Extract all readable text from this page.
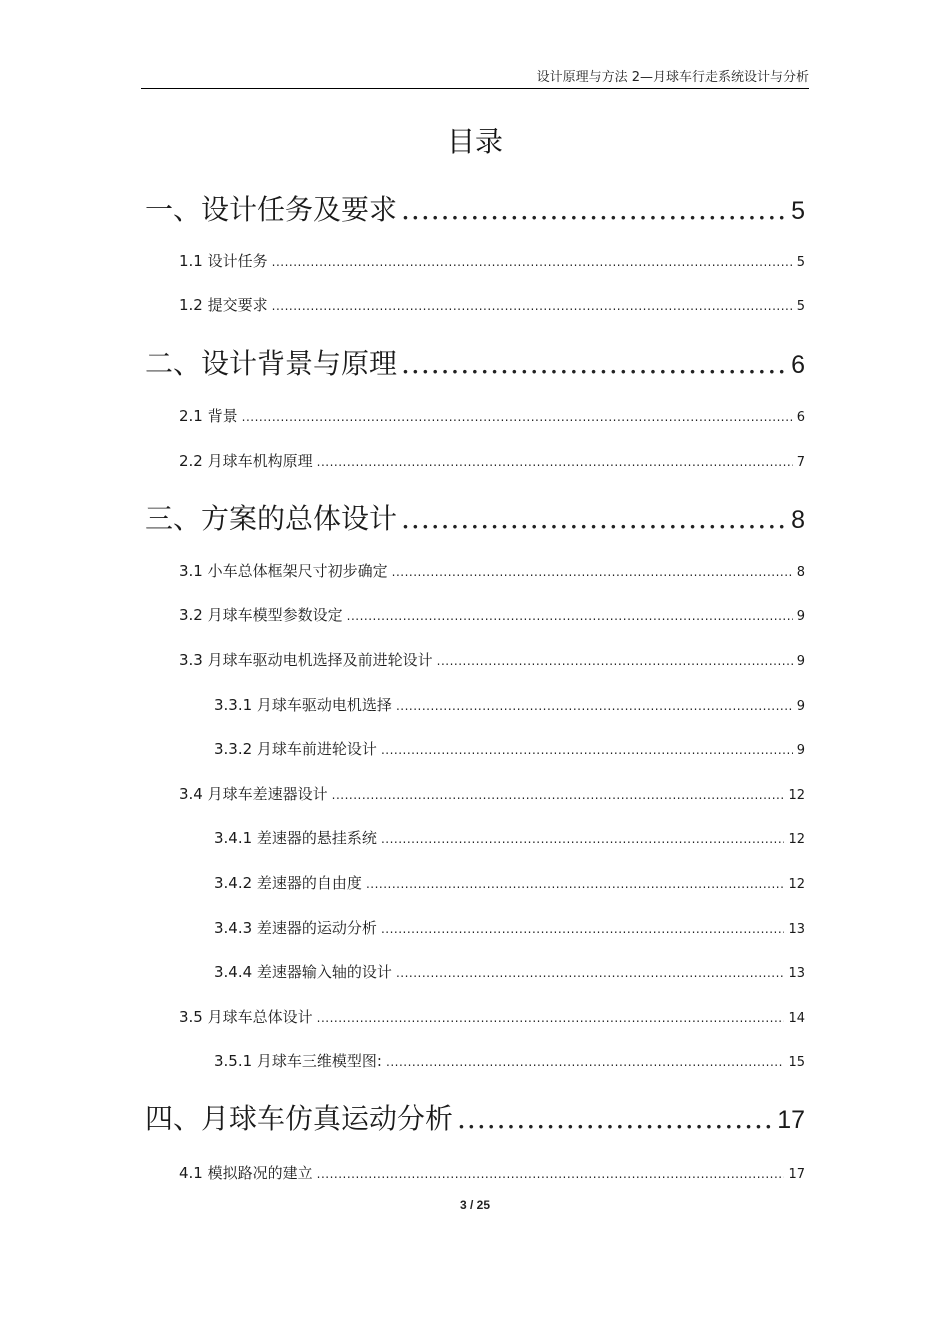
设计原理与方法 2—月球车行走系统设计与分析
目录
一、设计任务及要求 .....	5
1.1 设计任务 .....	5
1.2 提交要求 .....	5
二、设计背景与原理 .....	6
2.1 背景 .....	6
2.2 月球车机构原理 .....	7
三、方案的总体设计 .....	8
3.1 小车总体框架尺寸初步确定 .....	8
3.2 月球车模型参数设定 .....	9
3.3 月球车驱动电机选择及前进轮设计 .....	9
3.3.1 月球车驱动电机选择 .....	9
3.3.2 月球车前进轮设计 .....	9
3.4 月球车差速器设计 .....	12
3.4.1 差速器的悬挂系统 .....	12
3.4.2 差速器的自由度 .....	12
3.4.3 差速器的运动分析 .....	13
3.4.4 差速器输入轴的设计 .....	13
3.5 月球车总体设计 .....	14
3.5.1 月球车三维模型图: .....	15
四、月球车仿真运动分析 .....	17
4.1 模拟路况的建立 .....	17
3 / 25
